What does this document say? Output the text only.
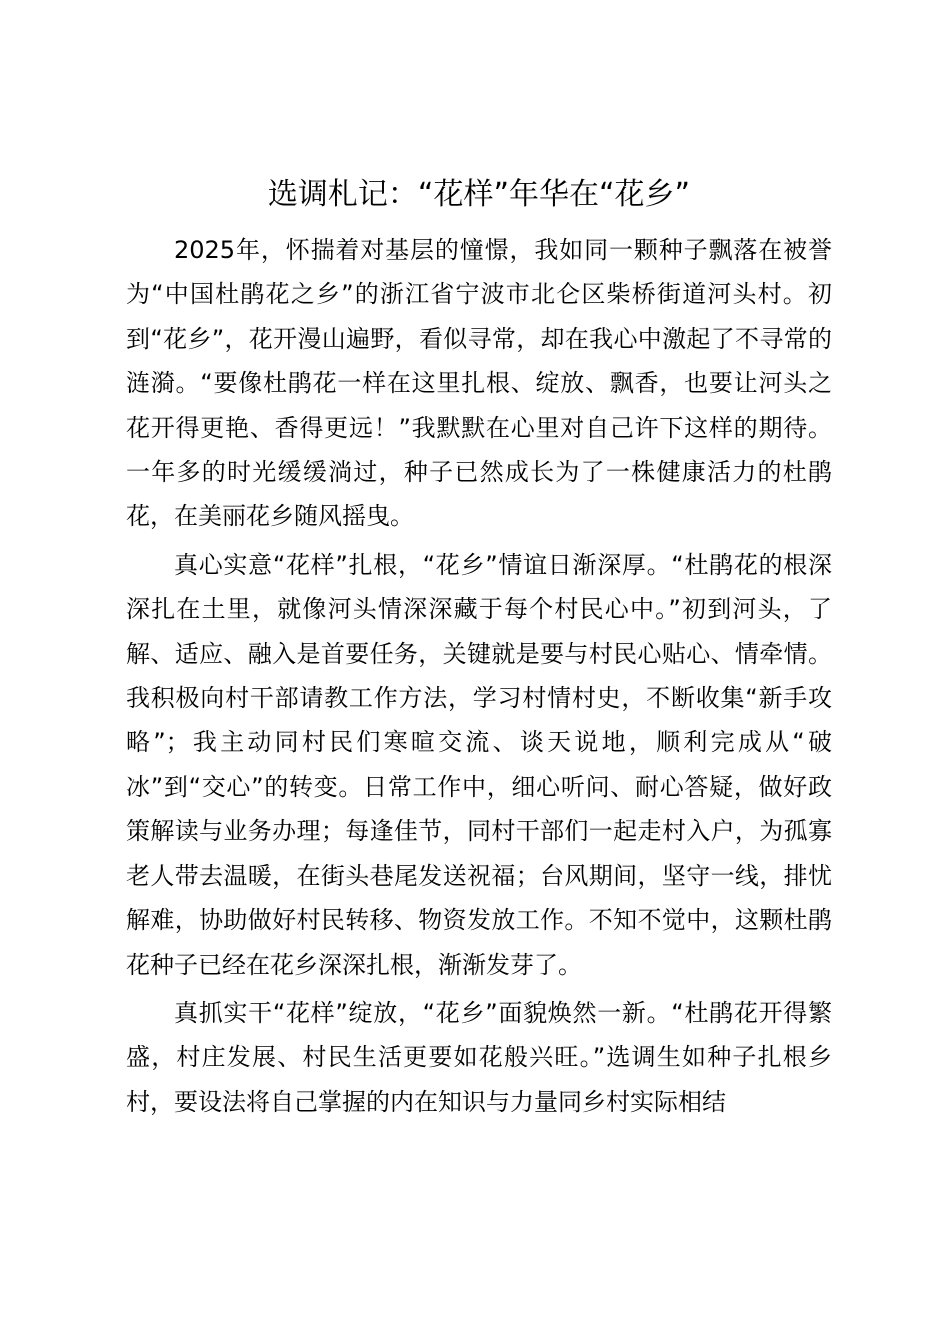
选调札记：“花样”年华在“花乡”

2025年，怀揣着对基层的憧憬，我如同一颗种子飘落在被誉为“中国杜鹃花之乡”的浙江省宁波市北仑区柴桥街道河头村。初到“花乡”，花开漫山遍野，看似寻常，却在我心中激起了不寻常的涟漪。“要像杜鹃花一样在这里扎根、绽放、飘香，也要让河头之花开得更艳、香得更远！”我默默在心里对自己许下这样的期待。一年多的时光缓缓淌过，种子已然成长为了一株健康活力的杜鹃花，在美丽花乡随风摇曳。

真心实意“花样”扎根，“花乡”情谊日渐深厚。“杜鹃花的根深深扎在土里，就像河头情深深藏于每个村民心中。”初到河头，了解、适应、融入是首要任务，关键就是要与村民心贴心、情牵情。我积极向村干部请教工作方法，学习村情村史，不断收集“新手攻略”；我主动同村民们寒暄交流、谈天说地，顺利完成从“破冰”到“交心”的转变。日常工作中，细心听问、耐心答疑，做好政策解读与业务办理；每逢佳节，同村干部们一起走村入户，为孤寡老人带去温暖，在街头巷尾发送祝福；台风期间，坚守一线，排忧解难，协助做好村民转移、物资发放工作。不知不觉中，这颗杜鹃花种子已经在花乡深深扎根，渐渐发芽了。

真抓实干“花样”绽放，“花乡”面貌焕然一新。“杜鹃花开得繁盛，村庄发展、村民生活更要如花般兴旺。”选调生如种子扎根乡村，要设法将自己掌握的内在知识与力量同乡村实际相结
